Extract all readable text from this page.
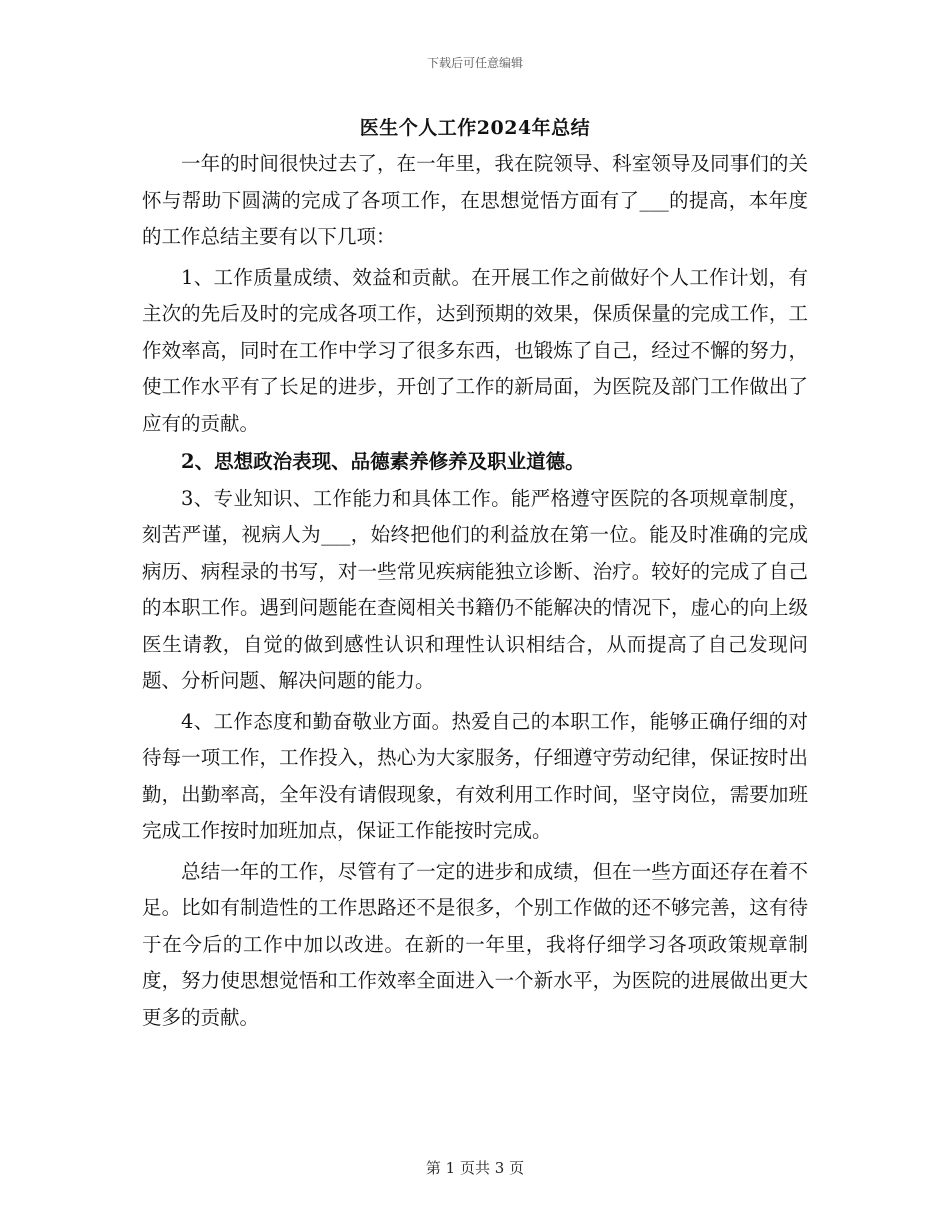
下载后可任意编辑
医生个人工作2024年总结

一年的时间很快过去了，在一年里，我在院领导、科室领导及同事们的关怀与帮助下圆满的完成了各项工作，在思想觉悟方面有了___的提高，本年度的工作总结主要有以下几项：

1、工作质量成绩、效益和贡献。在开展工作之前做好个人工作计划，有主次的先后及时的完成各项工作，达到预期的效果，保质保量的完成工作，工作效率高，同时在工作中学习了很多东西，也锻炼了自己，经过不懈的努力，使工作水平有了长足的进步，开创了工作的新局面，为医院及部门工作做出了应有的贡献。

2、思想政治表现、品德素养修养及职业道德。

3、专业知识、工作能力和具体工作。能严格遵守医院的各项规章制度，刻苦严谨，视病人为___，始终把他们的利益放在第一位。能及时准确的完成病历、病程录的书写，对一些常见疾病能独立诊断、治疗。较好的完成了自己的本职工作。遇到问题能在查阅相关书籍仍不能解决的情况下，虚心的向上级医生请教，自觉的做到感性认识和理性认识相结合，从而提高了自己发现问题、分析问题、解决问题的能力。

4、工作态度和勤奋敬业方面。热爱自己的本职工作，能够正确仔细的对待每一项工作，工作投入，热心为大家服务，仔细遵守劳动纪律，保证按时出勤，出勤率高，全年没有请假现象，有效利用工作时间，坚守岗位，需要加班完成工作按时加班加点，保证工作能按时完成。

总结一年的工作，尽管有了一定的进步和成绩，但在一些方面还存在着不足。比如有制造性的工作思路还不是很多，个别工作做的还不够完善，这有待于在今后的工作中加以改进。在新的一年里，我将仔细学习各项政策规章制度，努力使思想觉悟和工作效率全面进入一个新水平，为医院的进展做出更大更多的贡献。

第 1 页共 3 页
